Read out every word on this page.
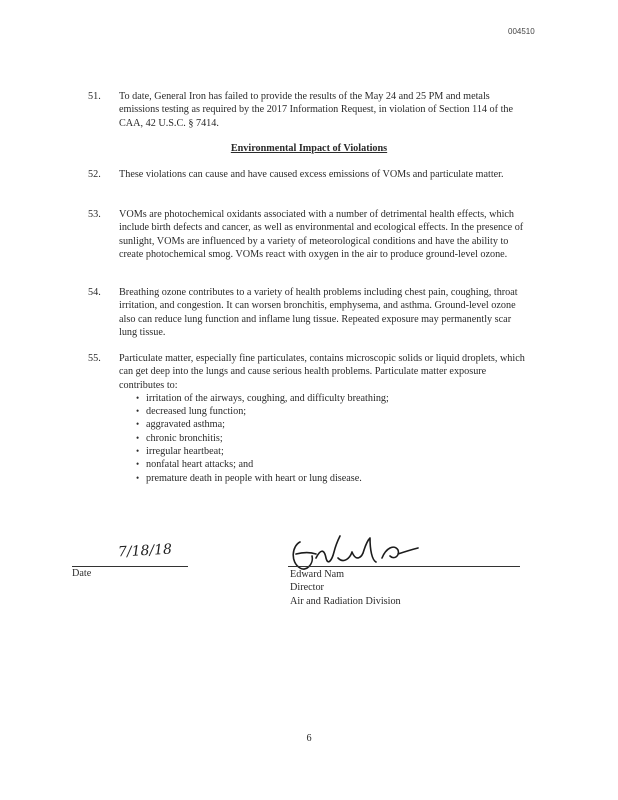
004510
51. To date, General Iron has failed to provide the results of the May 24 and 25 PM and metals emissions testing as required by the 2017 Information Request, in violation of Section 114 of the CAA, 42 U.S.C. § 7414.
Environmental Impact of Violations
52. These violations can cause and have caused excess emissions of VOMs and particulate matter.
53. VOMs are photochemical oxidants associated with a number of detrimental health effects, which include birth defects and cancer, as well as environmental and ecological effects. In the presence of sunlight, VOMs are influenced by a variety of meteorological conditions and have the ability to create photochemical smog. VOMs react with oxygen in the air to produce ground-level ozone.
54. Breathing ozone contributes to a variety of health problems including chest pain, coughing, throat irritation, and congestion. It can worsen bronchitis, emphysema, and asthma. Ground-level ozone also can reduce lung function and inflame lung tissue. Repeated exposure may permanently scar lung tissue.
55. Particulate matter, especially fine particulates, contains microscopic solids or liquid droplets, which can get deep into the lungs and cause serious health problems. Particulate matter exposure contributes to:
• irritation of the airways, coughing, and difficulty breathing;
• decreased lung function;
• aggravated asthma;
• chronic bronchitis;
• irregular heartbeat;
• nonfatal heart attacks; and
• premature death in people with heart or lung disease.
7/18/18
Date	Edward Nam
Director
Air and Radiation Division
6
